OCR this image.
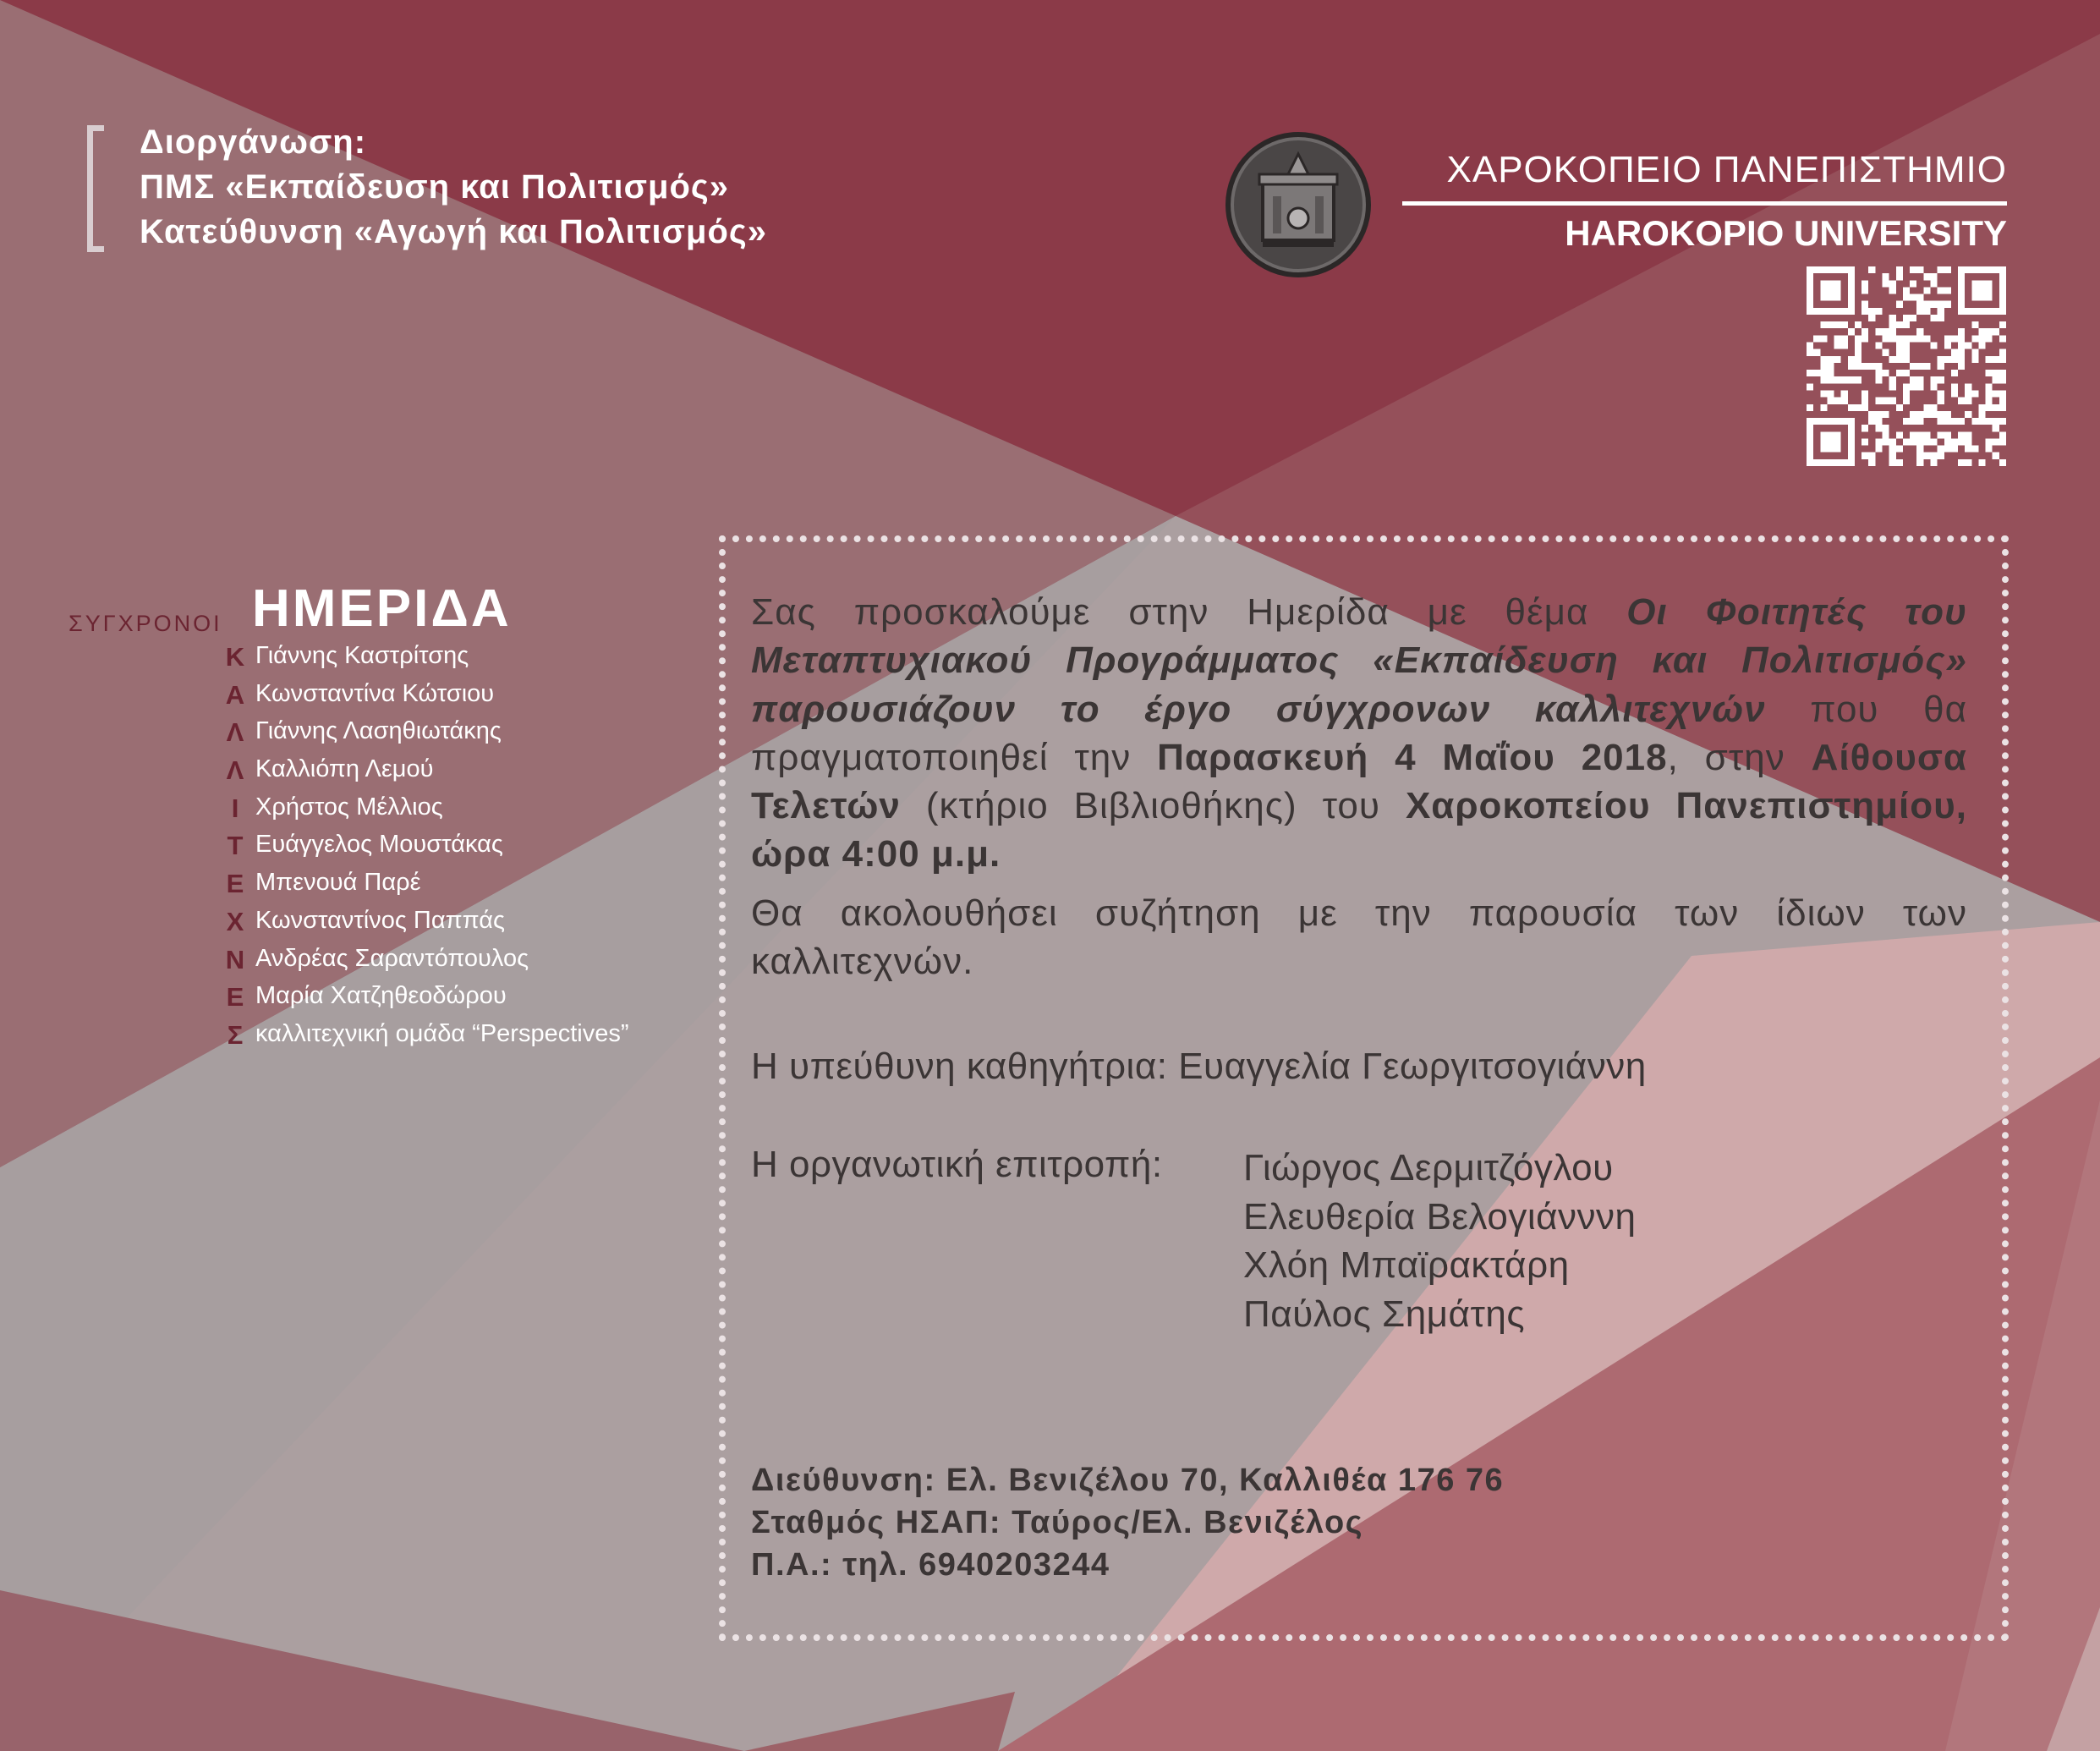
Διοργάνωση:
ΠΜΣ «Εκπαίδευση και Πολιτισμός»
Κατεύθυνση «Αγωγή και Πολιτισμός»
ΧΑΡΟΚΟΠΕΙΟ ΠΑΝΕΠΙΣΤΗΜΙΟ
HAROKOPIO UNIVERSITY
ΣΥΓΧΡΟΝΟΙ ΗΜΕΡΙΔΑ
Κ Γιάννης Καστρίτσης
Α Κωνσταντίνα Κώτσιου
Λ Γιάννης Λασηθιωτάκης
Λ Καλλιόπη Λεμού
Ι Χρήστος Μέλλιος
Τ Ευάγγελος Μουστάκας
Ε Μπενουά Παρέ
Χ Κωνσταντίνος Παππάς
Ν Ανδρέας Σαραντόπουλος
Ε Μαρία Χατζηθεοδώρου
Σ καλλιτεχνική ομάδα “Perspectives”

Σας προσκαλούμε στην Ημερίδα με θέμα Οι Φοιτητές του Μεταπτυχιακού Προγράμματος «Εκπαίδευση και Πολιτισμός» παρουσιάζουν το έργο σύγχρονων καλλιτεχνών που θα πραγματοποιηθεί την Παρασκευή 4 Μαΐου 2018, στην Αίθουσα Τελετών (κτήριο Βιβλιοθήκης) του Χαροκοπείου Πανεπιστημίου, ώρα 4:00 μ.μ.

Θα ακολουθήσει συζήτηση με την παρουσία των ίδιων των καλλιτεχνών.

Η υπεύθυνη καθηγήτρια: Ευαγγελία Γεωργιτσογιάννη
Η οργανωτική επιτροπή: Γιώργος Δερμιτζόγλου
Ελευθερία Βελογιάνννη
Χλόη Μπαϊρακτάρη
Παύλος Σημάτης
Διεύθυνση: Ελ. Βενιζέλου 70, Καλλιθέα 176 76
Σταθμός ΗΣΑΠ: Ταύρος/Ελ. Βενιζέλος
Π.Α.: τηλ. 6940203244
